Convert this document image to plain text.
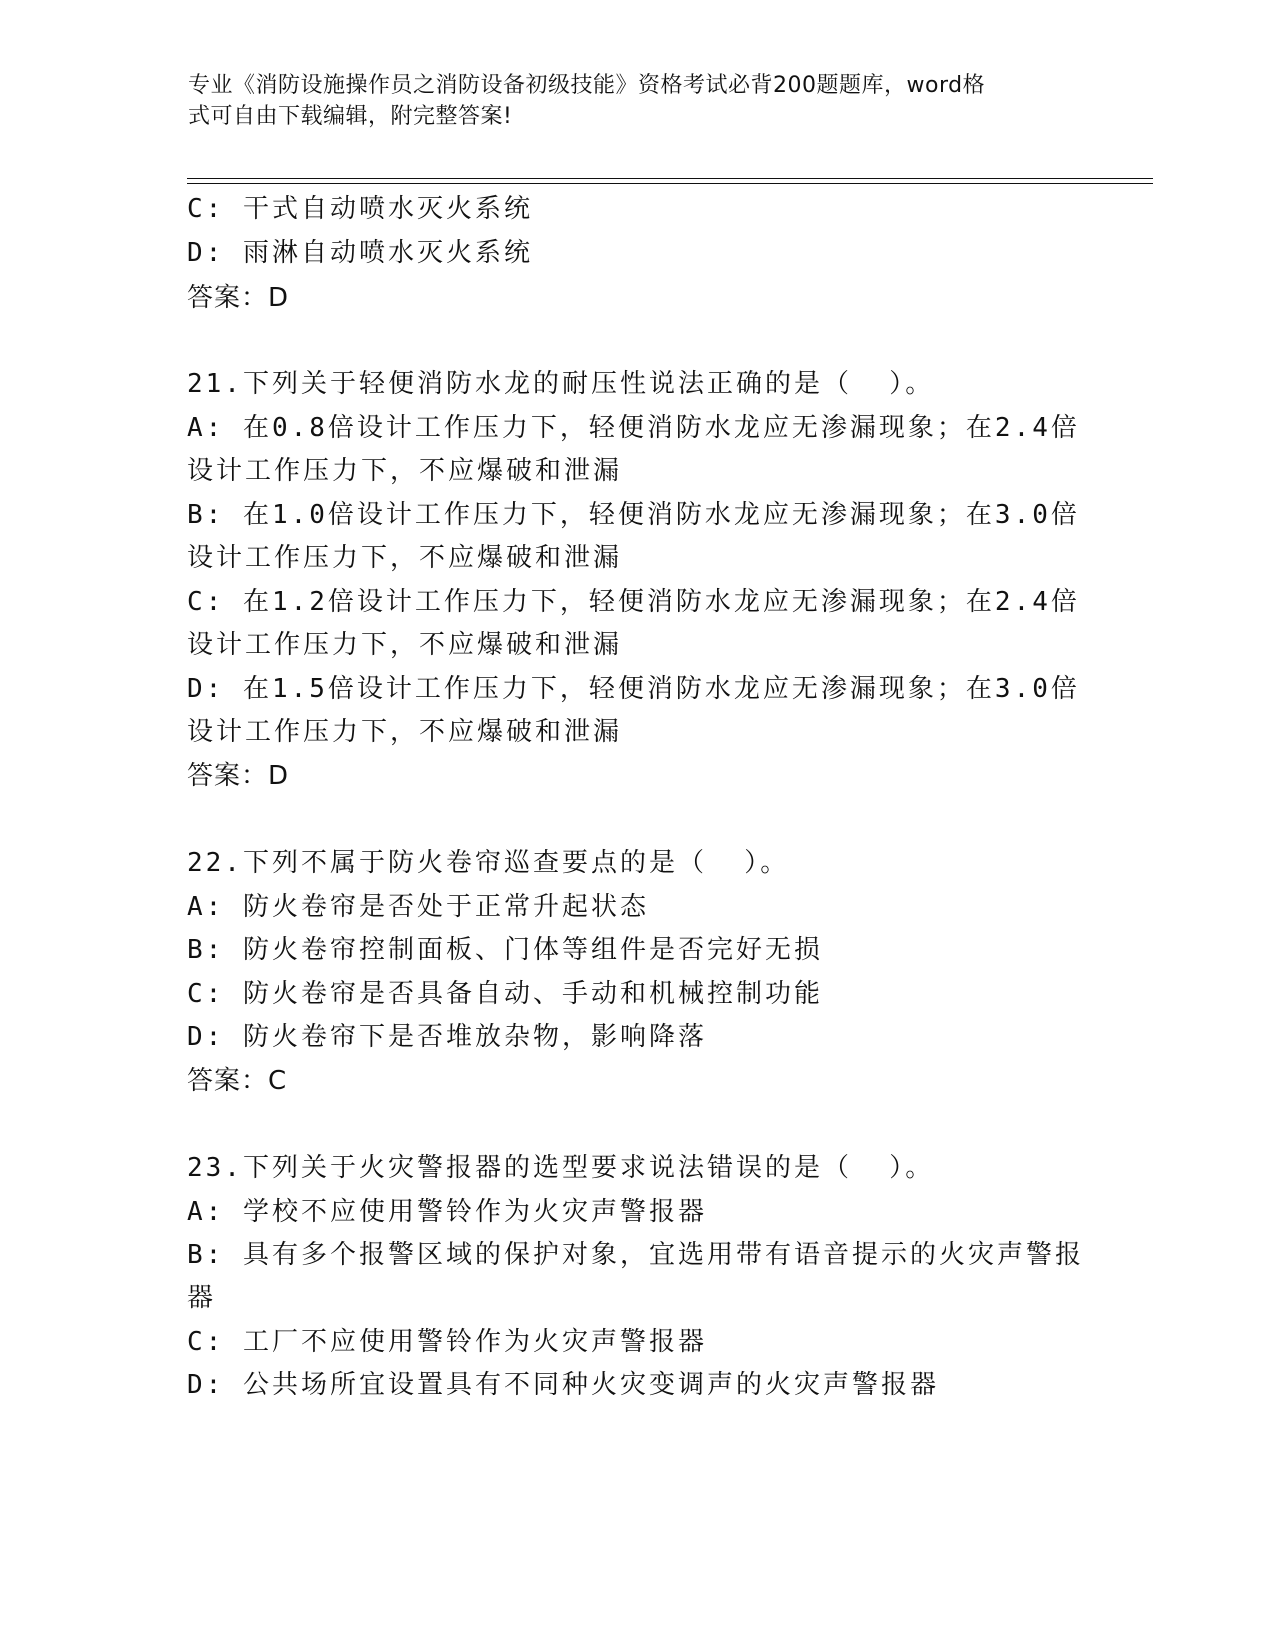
专业《消防设施操作员之消防设备初级技能》资格考试必背200题题库，word格
式可自由下载编辑，附完整答案!

C: 干式自动喷水灭火系统

D: 雨淋自动喷水灭火系统

答案：D

21.下列关于轻便消防水龙的耐压性说法正确的是（  ）。

A: 在0.8倍设计工作压力下，轻便消防水龙应无渗漏现象；在2.4倍

设计工作压力下，不应爆破和泄漏

B: 在1.0倍设计工作压力下，轻便消防水龙应无渗漏现象；在3.0倍

设计工作压力下，不应爆破和泄漏

C: 在1.2倍设计工作压力下，轻便消防水龙应无渗漏现象；在2.4倍

设计工作压力下，不应爆破和泄漏

D: 在1.5倍设计工作压力下，轻便消防水龙应无渗漏现象；在3.0倍

设计工作压力下，不应爆破和泄漏

答案：D

22.下列不属于防火卷帘巡查要点的是（  ）。

A: 防火卷帘是否处于正常升起状态

B: 防火卷帘控制面板、门体等组件是否完好无损

C: 防火卷帘是否具备自动、手动和机械控制功能

D: 防火卷帘下是否堆放杂物，影响降落

答案：C

23.下列关于火灾警报器的选型要求说法错误的是（  ）。

A: 学校不应使用警铃作为火灾声警报器

B: 具有多个报警区域的保护对象，宜选用带有语音提示的火灾声警报

器

C: 工厂不应使用警铃作为火灾声警报器

D: 公共场所宜设置具有不同种火灾变调声的火灾声警报器
